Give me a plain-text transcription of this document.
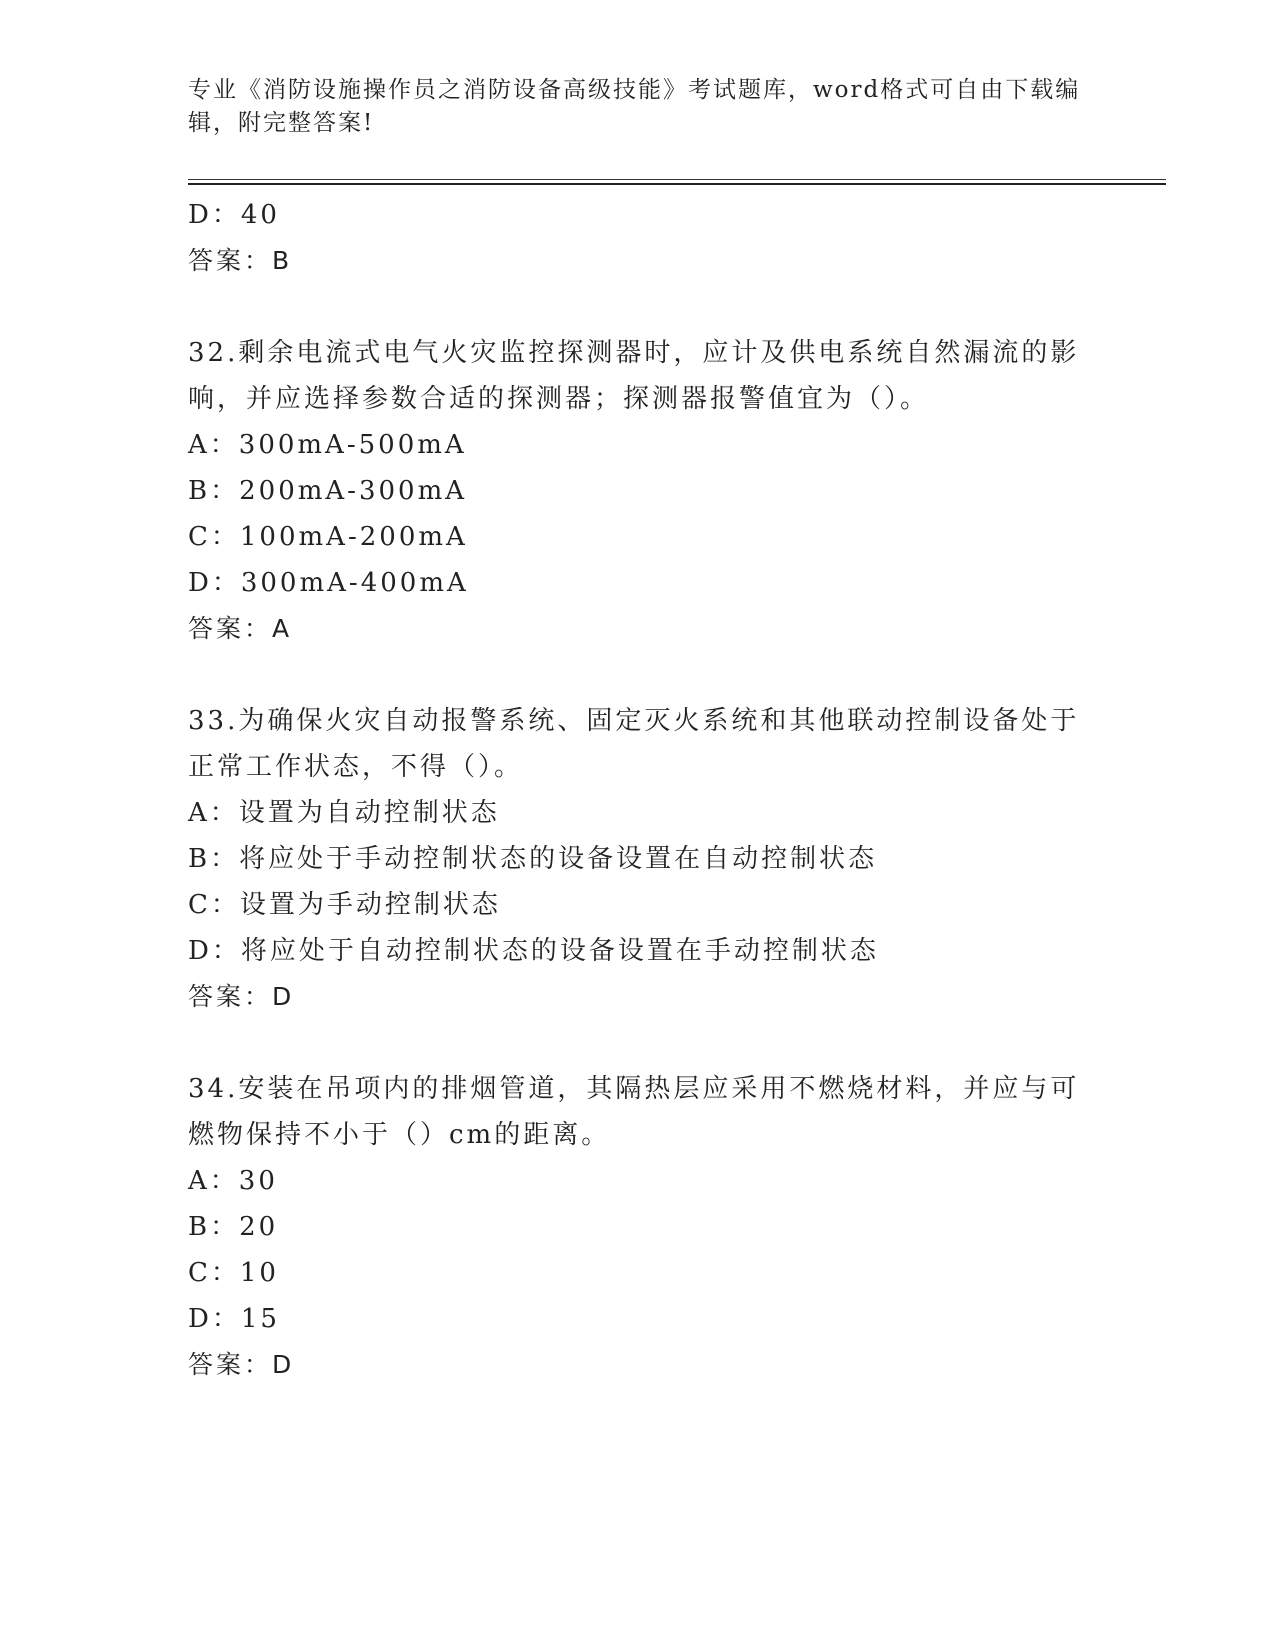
专业《消防设施操作员之消防设备高级技能》考试题库，word格式可自由下载编
辑，附完整答案!
D：40
答案：B
32.剩余电流式电气火灾监控探测器时，应计及供电系统自然漏流的影
响，并应选择参数合适的探测器；探测器报警值宜为（）。
A：300mA-500mA
B：200mA-300mA
C：100mA-200mA
D：300mA-400mA
答案：A
33.为确保火灾自动报警系统、固定灭火系统和其他联动控制设备处于
正常工作状态，不得（）。
A：设置为自动控制状态
B：将应处于手动控制状态的设备设置在自动控制状态
C：设置为手动控制状态
D：将应处于自动控制状态的设备设置在手动控制状态
答案：D
34.安装在吊项内的排烟管道，其隔热层应采用不燃烧材料，并应与可
燃物保持不小于（）cm的距离。
A：30
B：20
C：10
D：15
答案：D
